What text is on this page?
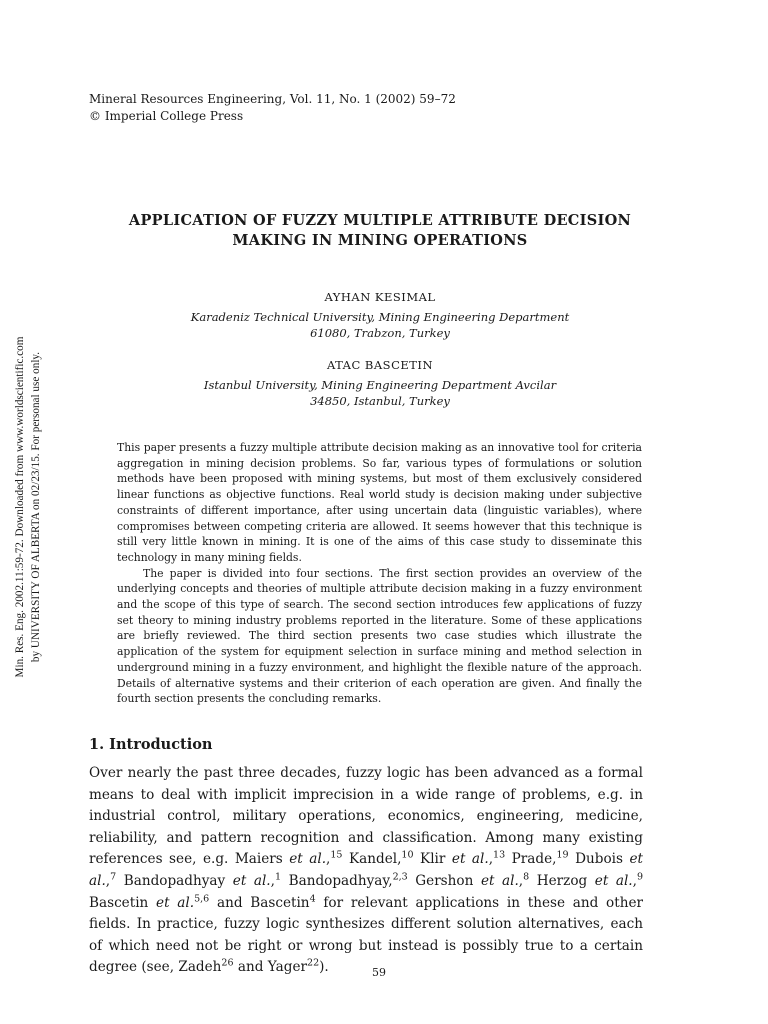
Mineral Resources Engineering, Vol. 11, No. 1 (2002) 59–72
© Imperial College Press
Min. Res. Eng. 2002.11:59-72. Downloaded from www.worldscientific.com by UNIVERSITY OF ALBERTA on 02/23/15. For personal use only.
APPLICATION OF FUZZY MULTIPLE ATTRIBUTE DECISION
MAKING IN MINING OPERATIONS
AYHAN KESIMAL
Karadeniz Technical University, Mining Engineering Department
61080, Trabzon, Turkey
ATAC BASCETIN
Istanbul University, Mining Engineering Department Avcilar
34850, Istanbul, Turkey

This paper presents a fuzzy multiple attribute decision making as an innovative tool for criteria aggregation in mining decision problems. So far, various types of formulations or solution methods have been proposed with mining systems, but most of them exclusively considered linear functions as objective functions. Real world study is decision making under subjective constraints of different importance, after using uncertain data (linguistic variables), where compromises between competing criteria are allowed. It seems however that this technique is still very little known in mining. It is one of the aims of this case study to disseminate this technology in many mining fields.

The paper is divided into four sections. The first section provides an overview of the underlying concepts and theories of multiple attribute decision making in a fuzzy environment and the scope of this type of search. The second section introduces few applications of fuzzy set theory to mining industry problems reported in the literature. Some of these applications are briefly reviewed. The third section presents two case studies which illustrate the application of the system for equipment selection in surface mining and method selection in underground mining in a fuzzy environment, and highlight the flexible nature of the approach. Details of alternative systems and their criterion of each operation are given. And finally the fourth section presents the concluding remarks.

1. Introduction
Over nearly the past three decades, fuzzy logic has been advanced as a formal means to deal with implicit imprecision in a wide range of problems, e.g. in industrial control, military operations, economics, engineering, medicine, reliability, and pattern recognition and classification. Among many existing references see, e.g. Maiers et al.,$^{15}$ Kandel,$^{10}$ Klir et al.,$^{13}$ Prade,$^{19}$ Dubois et al.,$^7$ Bandopadhyay et al.,$^1$ Bandopadhyay,$^{2,3}$ Gershon et al.,$^8$ Herzog et al.,$^9$ Bascetin et al.$^{5,6}$ and Bascetin$^4$ for relevant applications in these and other fields. In practice, fuzzy logic synthesizes different solution alternatives, each of which need not be right or wrong but instead is possibly true to a certain degree (see, Zadeh$^{26}$ and Yager$^{22}$).	59
